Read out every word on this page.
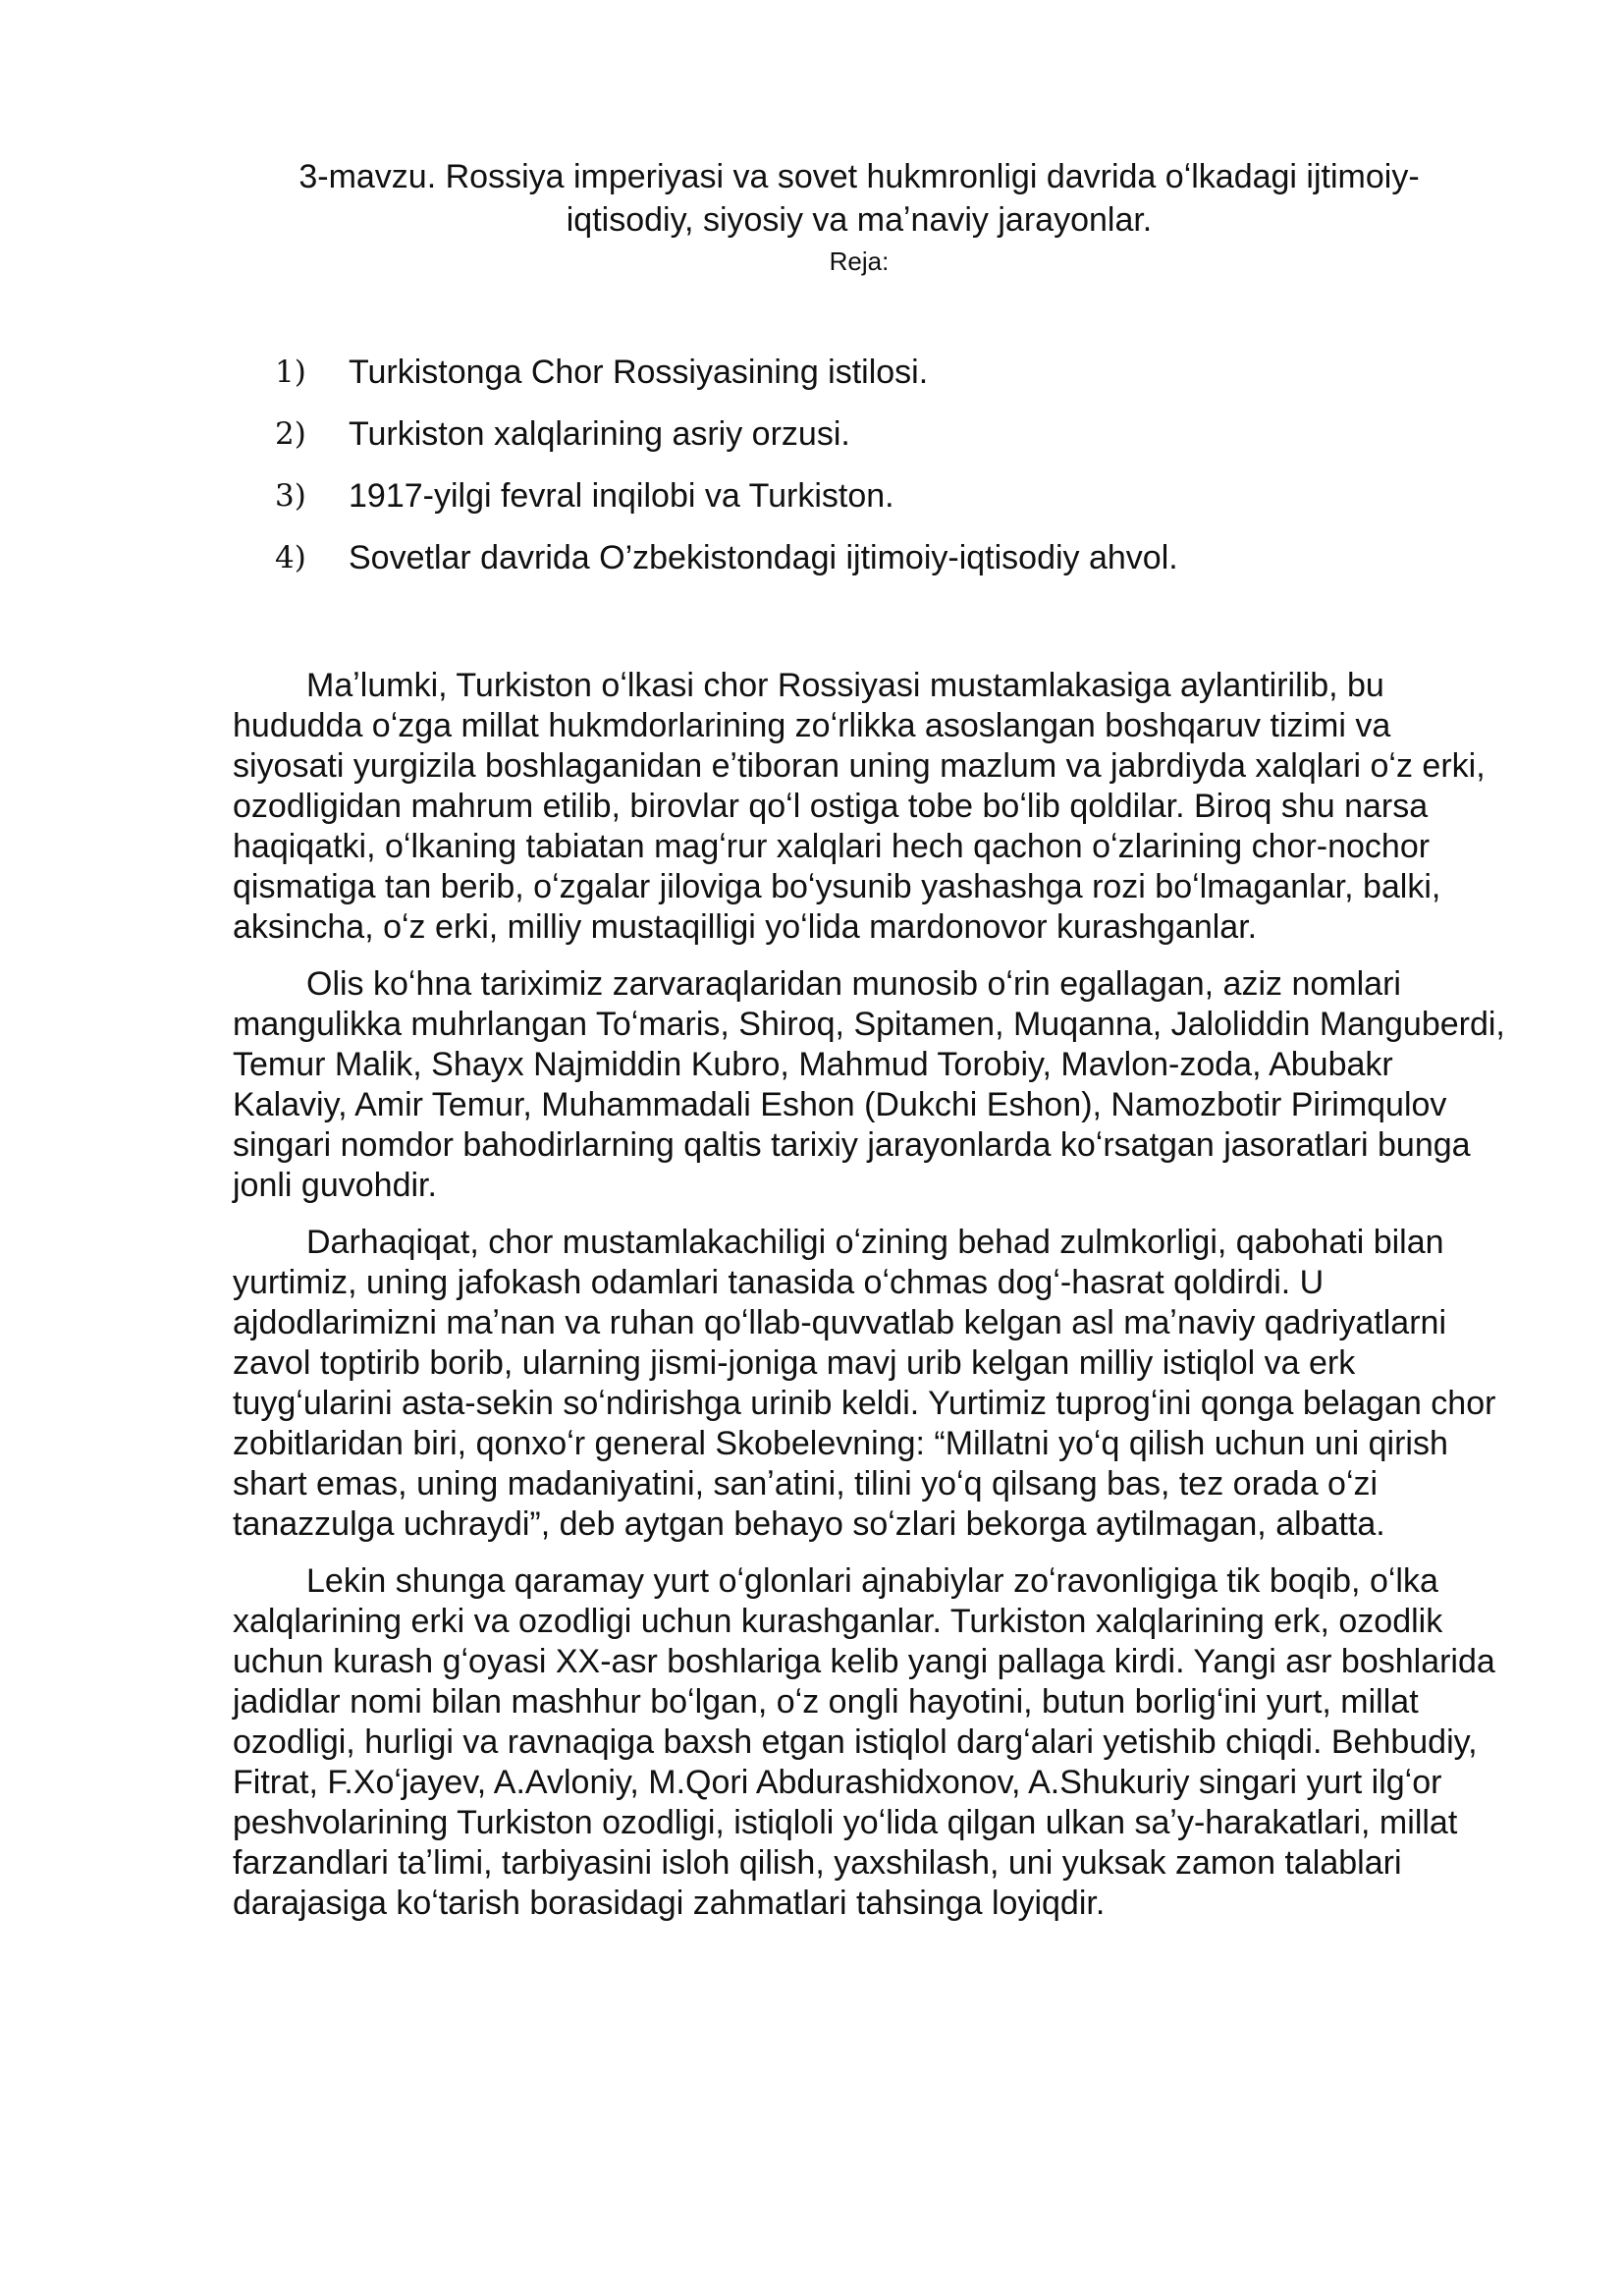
3-mavzu. Rossiya imperiyasi va sovet hukmronligi davrida oʻlkadagi ijtimoiy-
iqtisodiy, siyosiy va maʼnaviy jarayonlar.
Reja:
1) Turkistonga Chor Rossiyasining istilosi.
2) Turkiston xalqlarining asriy orzusi.
3) 1917-yilgi fevral inqilobi va Turkiston.
4) Sovetlar davrida O’zbekistondagi ijtimoiy-iqtisodiy ahvol.

Maʼlumki, Turkiston oʻlkasi chor Rossiyasi mustamlakasiga aylantirilib, bu hududda oʻzga millat hukmdorlarining zoʻrlikka asoslangan boshqaruv tizimi va siyosati yurgizila boshlaganidan eʼtiboran uning mazlum va jabrdiyda xalqlari oʻz erki, ozodligidan mahrum etilib, birovlar qoʻl ostiga tobe boʻlib qoldilar. Biroq shu narsa haqiqatki, oʻlkaning tabiatan magʻrur xalqlari hech qachon oʻzlarining chor-nochor qismatiga tan berib, oʻzgalar jiloviga boʻysunib yashashga rozi boʻlmaganlar, balki, aksincha, oʻz erki, milliy mustaqilligi yoʻlida mardonovor kurashganlar.

Olis koʻhna tariximiz zarvaraqlaridan munosib oʻrin egallagan, aziz nomlari mangulikka muhrlangan Toʻmaris, Shiroq, Spitamen, Muqanna, Jaloliddin Manguberdi, Temur Malik, Shayx Najmiddin Kubro, Mahmud Torobiy, Mavlon-zoda, Abubakr Kalaviy, Amir Temur, Muhammadali Eshon (Dukchi Eshon), Namozbotir Pirimqulov singari nomdor bahodirlarning qaltis tarixiy jarayonlarda koʻrsatgan jasoratlari bunga jonli guvohdir.

Darhaqiqat, chor mustamlakachiligi oʻzining behad zulmkorligi, qabohati bilan yurtimiz, uning jafokash odamlari tanasida oʻchmas dogʻ-hasrat qoldirdi. U ajdodlarimizni maʼnan va ruhan qoʻllab-quvvatlab kelgan asl maʼnaviy qadriyatlarni zavol toptirib borib, ularning jismi-joniga mavj urib kelgan milliy istiqlol va erk tuygʻularini asta-sekin soʻndirishga urinib keldi. Yurtimiz tuprogʻini qonga belagan chor zobitlaridan biri, qonxoʻr general Skobelevning: “Millatni yoʻq qilish uchun uni qirish shart emas, uning madaniyatini, sanʼatini, tilini yoʻq qilsang bas, tez orada oʻzi tanazzulga uchraydi”, deb aytgan behayo soʻzlari bekorga aytilmagan, albatta.

Lekin shunga qaramay yurt oʻglonlari ajnabiylar zoʻravonligiga tik boqib, oʻlka xalqlarining erki va ozodligi uchun kurashganlar. Turkiston xalqlarining erk, ozodlik uchun kurash gʻoyasi XX-asr boshlariga kelib yangi pallaga kirdi. Yangi asr boshlarida jadidlar nomi bilan mashhur boʻlgan, oʻz ongli hayotini, butun borligʻini yurt, millat ozodligi, hurligi va ravnaqiga baxsh etgan istiqlol dargʻalari yetishib chiqdi. Behbudiy, Fitrat, F.Xoʻjayev, A.Avloniy, M.Qori Abdurashidxonov, A.Shukuriy singari yurt ilgʻor peshvolarining Turkiston ozodligi, istiqloli yoʻlida qilgan ulkan saʼy-harakatlari, millat farzandlari taʼlimi, tarbiyasini isloh qilish, yaxshilash, uni yuksak zamon talablari darajasiga koʻtarish borasidagi zahmatlari tahsinga loyiqdir.
